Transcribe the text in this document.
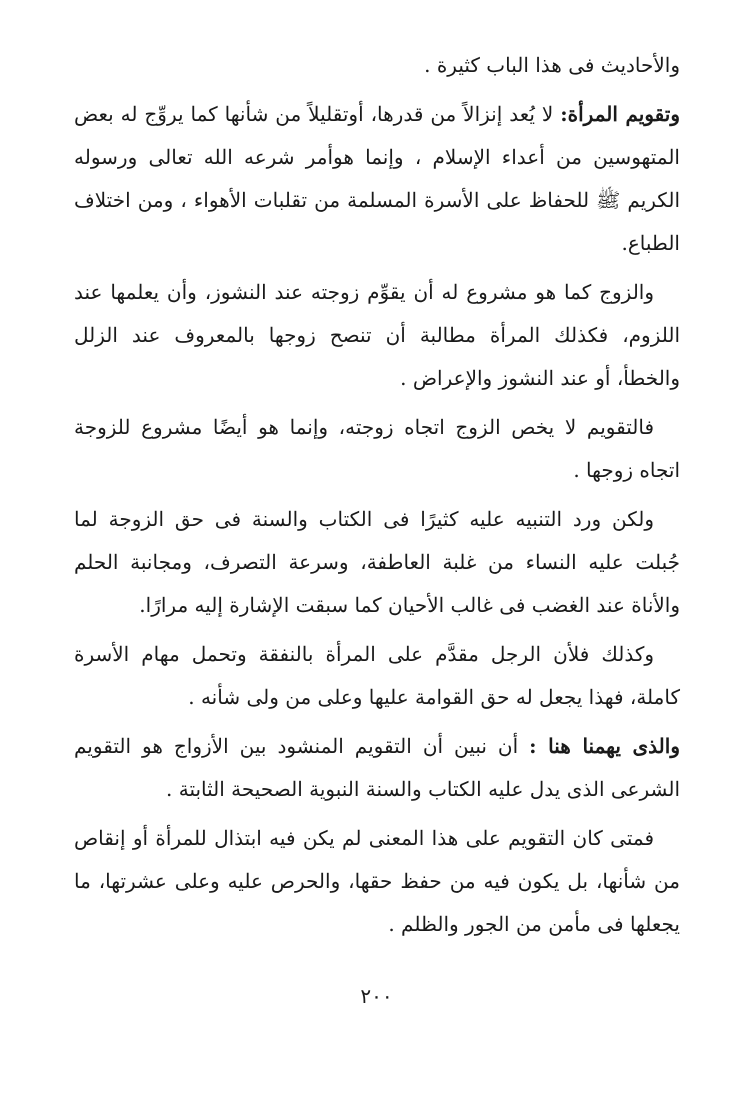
والأحاديث فى هذا الباب كثيرة .

وتقويم المرأة: لا يُعد إنزالاً من قدرها، أوتقليلاً من شأنها كما يروِّج له بعض المتهوسين من أعداء الإسلام ، وإنما هوأمر شرعه الله تعالى ورسوله الكريم ﷺ للحفاظ على الأسرة المسلمة من تقلبات الأهواء ، ومن اختلاف الطباع.

والزوج كما هو مشروع له أن يقوِّم زوجته عند النشوز، وأن يعلمها عند اللزوم، فكذلك المرأة مطالبة أن تنصح زوجها بالمعروف عند الزلل والخطأ، أو عند النشوز والإعراض .

فالتقويم لا يخص الزوج اتجاه زوجته، وإنما هو أيضًا مشروع للزوجة اتجاه زوجها .

ولكن ورد التنبيه عليه كثيرًا فى الكتاب والسنة فى حق الزوجة لما جُبلت عليه النساء من غلبة العاطفة، وسرعة التصرف، ومجانبة الحلم والأناة عند الغضب فى غالب الأحيان كما سبقت الإشارة إليه مرارًا.

وكذلك فلأن الرجل مقدَّم على المرأة بالنفقة وتحمل مهام الأسرة كاملة، فهذا يجعل له حق القوامة عليها وعلى من ولى شأنه .

والذى يهمنا هنا : أن نبين أن التقويم المنشود بين الأزواج هو التقويم الشرعى الذى يدل عليه الكتاب والسنة النبوية الصحيحة الثابتة .

فمتى كان التقويم على هذا المعنى لم يكن فيه ابتذال للمرأة أو إنقاص من شأنها، بل يكون فيه من حفظ حقها، والحرص عليه وعلى عشرتها، ما يجعلها فى مأمن من الجور والظلم .

٢٠٠
